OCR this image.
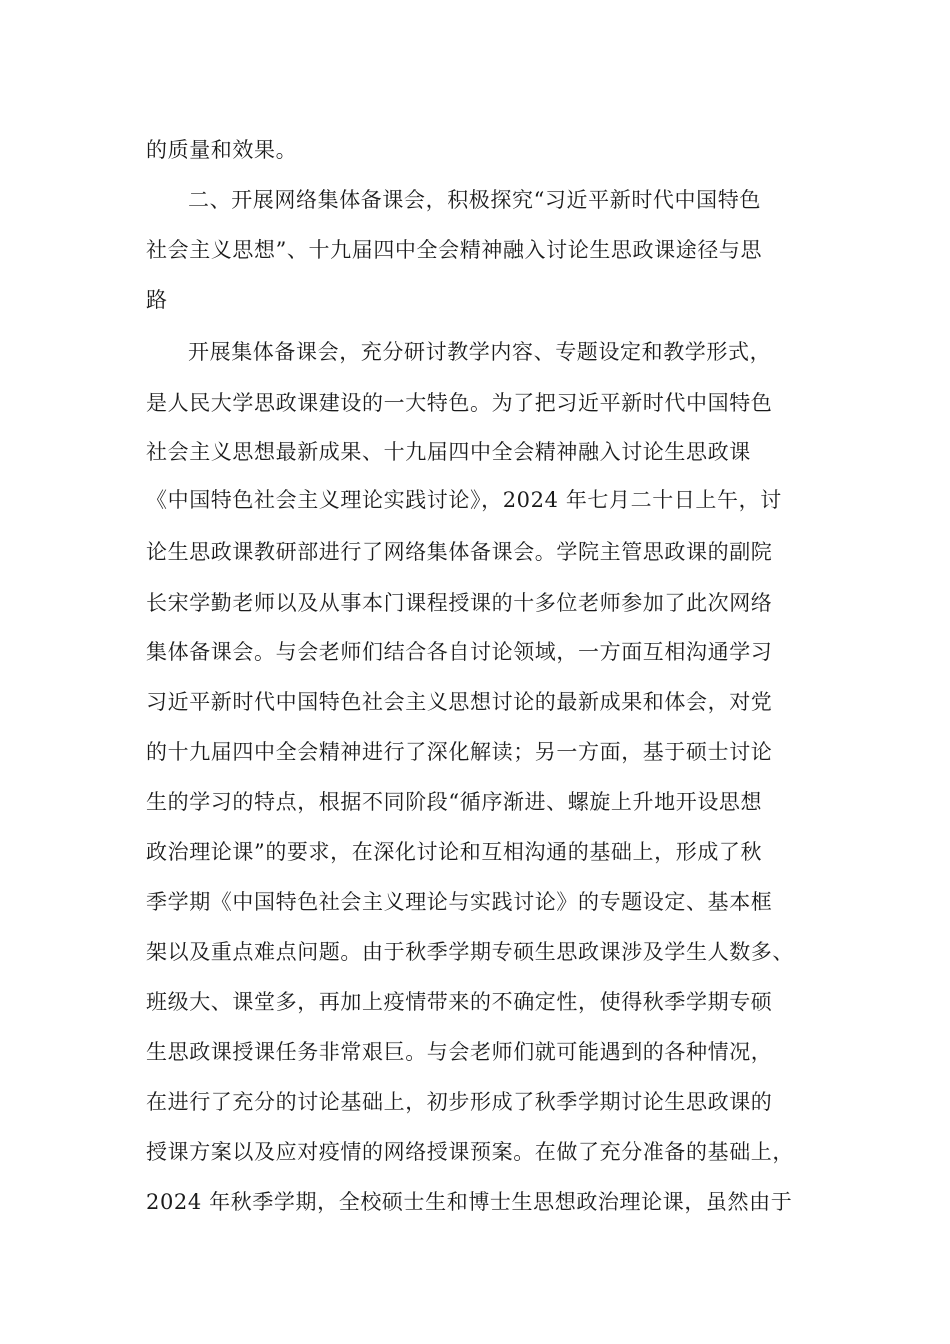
的质量和效果。
二、开展网络集体备课会，积极探究“习近平新时代中国特色
社会主义思想”、十九届四中全会精神融入讨论生思政课途径与思
路
开展集体备课会，充分研讨教学内容、专题设定和教学形式，
是人民大学思政课建设的一大特色。为了把习近平新时代中国特色
社会主义思想最新成果、十九届四中全会精神融入讨论生思政课
《中国特色社会主义理论实践讨论》，2024 年七月二十日上午，讨
论生思政课教研部进行了网络集体备课会。学院主管思政课的副院
长宋学勤老师以及从事本门课程授课的十多位老师参加了此次网络
集体备课会。与会老师们结合各自讨论领域，一方面互相沟通学习
习近平新时代中国特色社会主义思想讨论的最新成果和体会，对党
的十九届四中全会精神进行了深化解读；另一方面，基于硕士讨论
生的学习的特点，根据不同阶段“循序渐进、螺旋上升地开设思想
政治理论课”的要求，在深化讨论和互相沟通的基础上，形成了秋
季学期《中国特色社会主义理论与实践讨论》的专题设定、基本框
架以及重点难点问题。由于秋季学期专硕生思政课涉及学生人数多、
班级大、课堂多，再加上疫情带来的不确定性，使得秋季学期专硕
生思政课授课任务非常艰巨。与会老师们就可能遇到的各种情况，
在进行了充分的讨论基础上，初步形成了秋季学期讨论生思政课的
授课方案以及应对疫情的网络授课预案。在做了充分准备的基础上，
2024 年秋季学期，全校硕士生和博士生思想政治理论课，虽然由于
